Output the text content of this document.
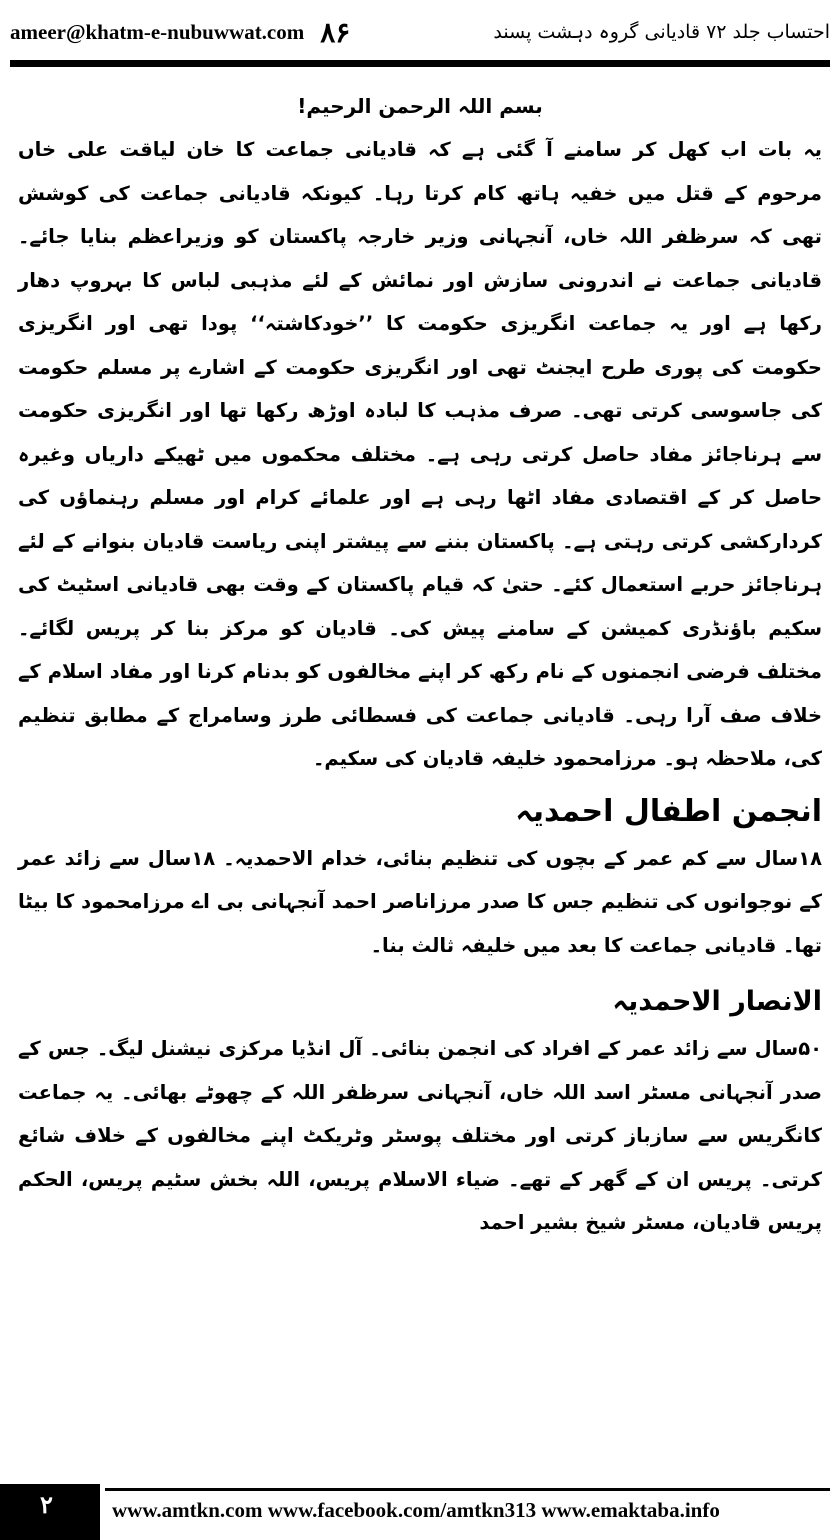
ameer@khatm-e-nubuwwat.com ۸۶	احتساب جلد ۷۲ قادیانی گروہ دہشت پسند
بسم اللہ الرحمن الرحیم!

یہ بات اب کھل کر سامنے آ گئی ہے کہ قادیانی جماعت کا خان لیاقت علی خاں مرحوم کے قتل میں خفیہ ہاتھ کام کرتا رہا۔ کیونکہ قادیانی جماعت کی کوشش تھی کہ سرظفر اللہ خاں، آنجہانی وزیر خارجہ پاکستان کو وزیراعظم بنایا جائے۔ قادیانی جماعت نے اندرونی سازش اور نمائش کے لئے مذہبی لباس کا بہروپ دھار رکھا ہے اور یہ جماعت انگریزی حکومت کا ’’خودکاشتہ‘‘ پودا تھی اور انگریزی حکومت کی پوری طرح ایجنٹ تھی اور انگریزی حکومت کے اشارے پر مسلم حکومت کی جاسوسی کرتی تھی۔ صرف مذہب کا لبادہ اوڑھ رکھا تھا اور انگریزی حکومت سے ہرناجائز مفاد حاصل کرتی رہی ہے۔ مختلف محکموں میں ٹھیکے داریاں وغیرہ حاصل کر کے اقتصادی مفاد اٹھا رہی ہے اور علمائے کرام اور مسلم رہنماؤں کی کردارکشی کرتی رہتی ہے۔ پاکستان بننے سے پیشتر اپنی ریاست قادیان بنوانے کے لئے ہرناجائز حربے استعمال کئے۔ حتیٰ کہ قیام پاکستان کے وقت بھی قادیانی اسٹیٹ کی سکیم باؤنڈری کمیشن کے سامنے پیش کی۔ قادیان کو مرکز بنا کر پریس لگائے۔ مختلف فرضی انجمنوں کے نام رکھ کر اپنے مخالفوں کو بدنام کرنا اور مفاد اسلام کے خلاف صف آرا رہی۔ قادیانی جماعت کی فسطائی طرز وسامراج کے مطابق تنظیم کی، ملاحظہ ہو۔ مرزامحمود خلیفہ قادیان کی سکیم۔

انجمن اطفال احمدیہ

۱۸سال سے کم عمر کے بچوں کی تنظیم بنائی، خدام الاحمدیہ۔ ۱۸سال سے زائد عمر کے نوجوانوں کی تنظیم جس کا صدر مرزاناصر احمد آنجہانی بی اے مرزامحمود کا بیٹا تھا۔ قادیانی جماعت کا بعد میں خلیفہ ثالث بنا۔

الانصار الاحمدیہ

۵۰سال سے زائد عمر کے افراد کی انجمن بنائی۔ آل انڈیا مرکزی نیشنل لیگ۔ جس کے صدر آنجہانی مسٹر اسد اللہ خاں، آنجہانی سرظفر اللہ کے چھوٹے بھائی۔ یہ جماعت کانگریس سے سازباز کرتی اور مختلف پوسٹر وٹریکٹ اپنے مخالفوں کے خلاف شائع کرتی۔ پریس ان کے گھر کے تھے۔ ضیاء الاسلام پریس، اللہ بخش سٹیم پریس، الحکم پریس قادیان، مسٹر شیخ بشیر احمد

۲	www.amtkn.com www.facebook.com/amtkn313 www.emaktaba.info
